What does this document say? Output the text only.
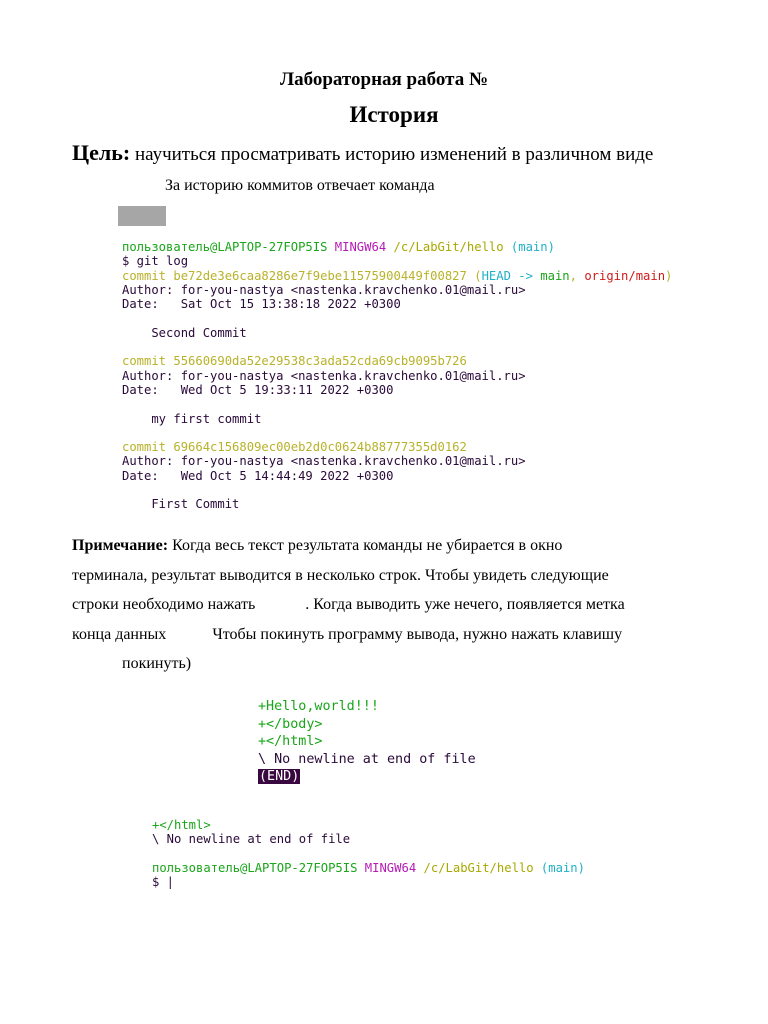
Лабораторная работа №
История
Цель: научиться просматривать историю изменений в различном виде
За историю коммитов отвечает команда
пользователь@LAPTOP-27FOP5IS MINGW64 /c/LabGit/hello (main)
$ git log
commit be72de3e6caa8286e7f9ebe11575900449f00827 (HEAD -> main, origin/main)
Author: for-you-nastya <nastenka.kravchenko.01@mail.ru>
Date:   Sat Oct 15 13:38:18 2022 +0300

Second Commit

commit 55660690da52e29538c3ada52cda69cb9095b726
Author: for-you-nastya <nastenka.kravchenko.01@mail.ru>
Date:   Wed Oct 5 19:33:11 2022 +0300

my first commit

commit 69664c156809ec00eb2d0c0624b88777355d0162
Author: for-you-nastya <nastenka.kravchenko.01@mail.ru>
Date:   Wed Oct 5 14:44:49 2022 +0300

First Commit
Примечание: Когда весь текст результата команды не убирается в окно
терминала, результат выводится в несколько строк. Чтобы увидеть следующие
строки необходимо нажать	. Когда выводить уже нечего, появляется метка
конца данных	Чтобы покинуть программу вывода, нужно нажать клавишу
покинуть)
+Hello,world!!!
+</body>
+</html>
\ No newline at end of file
(END)
+</html>
\ No newline at end of file

пользователь@LAPTOP-27FOP5IS MINGW64 /c/LabGit/hello (main)
$ |
